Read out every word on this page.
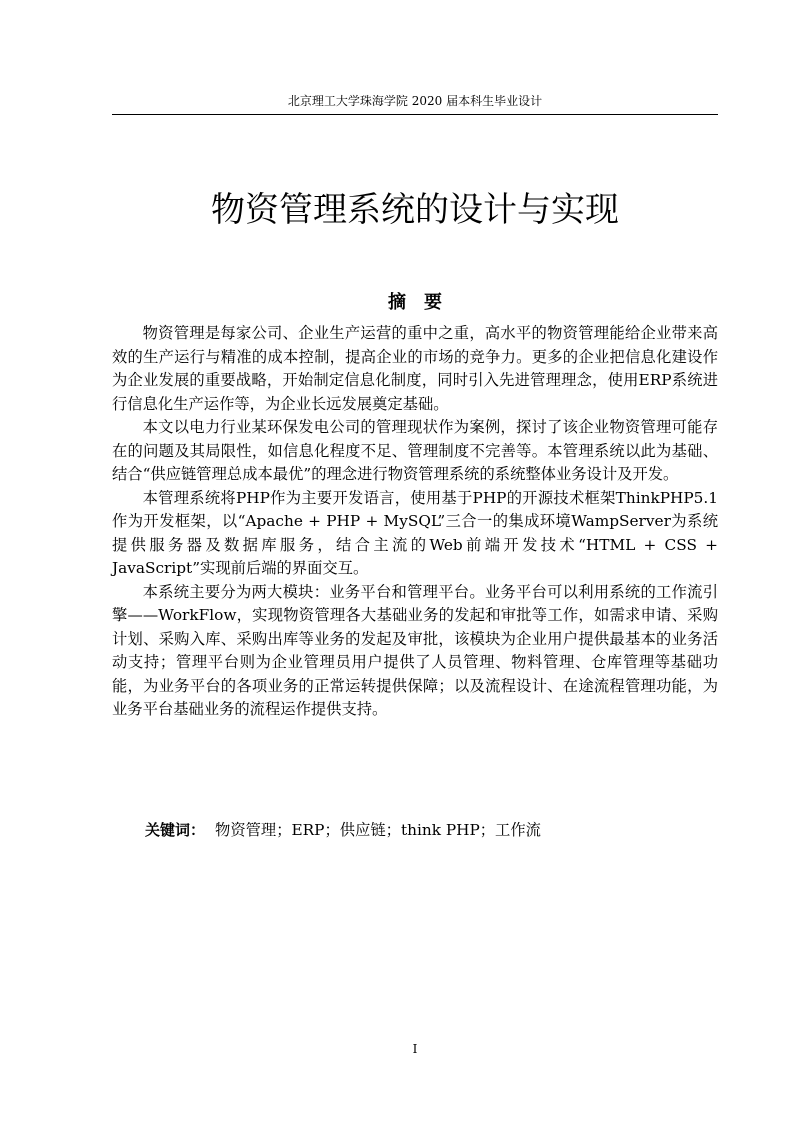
北京理工大学珠海学院 2020 届本科生毕业设计
物资管理系统的设计与实现
摘要

物资管理是每家公司、企业生产运营的重中之重，高水平的物资管理能给企业带来高效的生产运行与精准的成本控制，提高企业的市场的竞争力。更多的企业把信息化建设作为企业发展的重要战略，开始制定信息化制度，同时引入先进管理理念，使用ERP系统进行信息化生产运作等，为企业长远发展奠定基础。

本文以电力行业某环保发电公司的管理现状作为案例，探讨了该企业物资管理可能存在的问题及其局限性，如信息化程度不足、管理制度不完善等。本管理系统以此为基础、结合“供应链管理总成本最优”的理念进行物资管理系统的系统整体业务设计及开发。

本管理系统将PHP作为主要开发语言，使用基于PHP的开源技术框架ThinkPHP5.1作为开发框架，以“Apache + PHP + MySQL”三合一的集成环境WampServer为系统提供服务器及数据库服务，结合主流的Web前端开发技术“HTML + CSS + JavaScript”实现前后端的界面交互。

本系统主要分为两大模块：业务平台和管理平台。业务平台可以利用系统的工作流引擎——WorkFlow，实现物资管理各大基础业务的发起和审批等工作，如需求申请、采购计划、采购入库、采购出库等业务的发起及审批，该模块为企业用户提供最基本的业务活动支持；管理平台则为企业管理员用户提供了人员管理、物料管理、仓库管理等基础功能，为业务平台的各项业务的正常运转提供保障；以及流程设计、在途流程管理功能，为业务平台基础业务的流程运作提供支持。

关键词： 物资管理；ERP；供应链；think PHP；工作流
I
